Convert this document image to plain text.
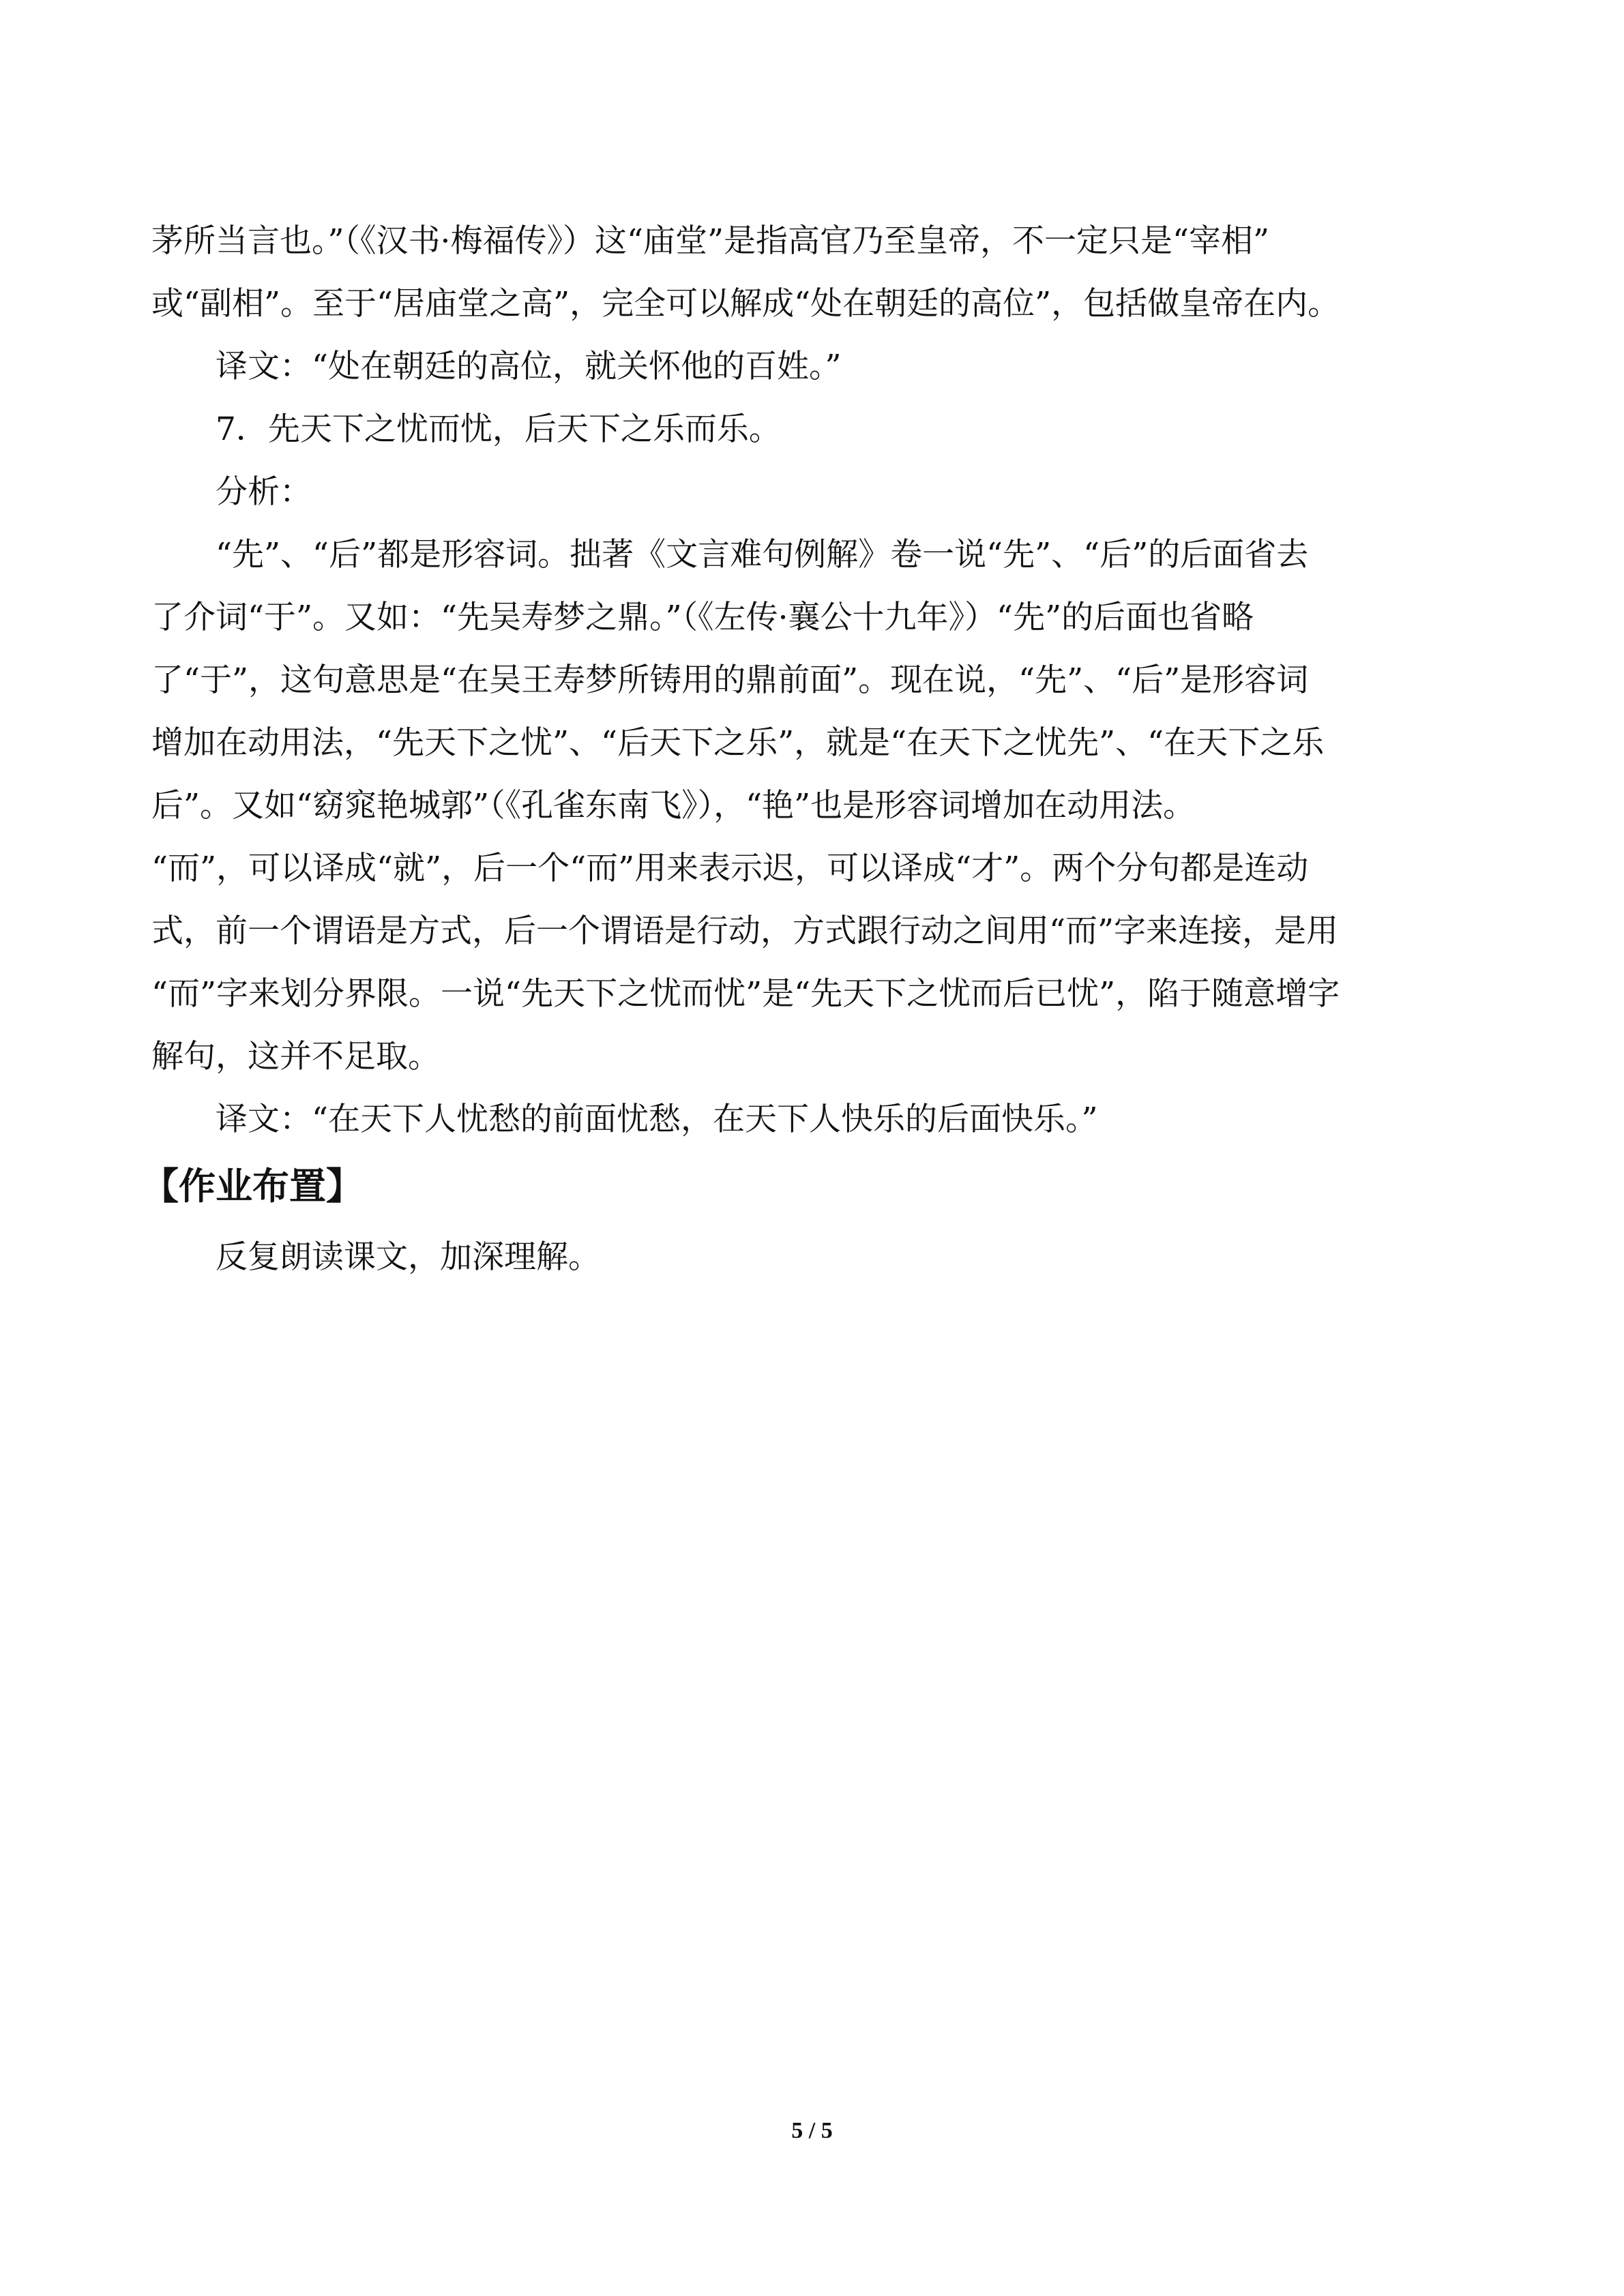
茅所当言也。”（《汉书·梅福传》）这“庙堂”是指高官乃至皇帝，不一定只是“宰相”
或“副相”。至于“居庙堂之高”，完全可以解成“处在朝廷的高位”，包括做皇帝在内。
译文：“处在朝廷的高位，就关怀他的百姓。”
7．先天下之忧而忧，后天下之乐而乐。
分析：
“先”、“后”都是形容词。拙著《文言难句例解》卷一说“先”、“后”的后面省去
了介词“于”。又如：“先吴寿梦之鼎。”（《左传·襄公十九年》）“先”的后面也省略
了“于”，这句意思是“在吴王寿梦所铸用的鼎前面”。现在说，“先”、“后”是形容词
增加在动用法，“先天下之忧”、“后天下之乐”，就是“在天下之忧先”、“在天下之乐
后”。又如“窈窕艳城郭”（《孔雀东南飞》），“艳”也是形容词增加在动用法。
“而”，可以译成“就”，后一个“而”用来表示迟，可以译成“才”。两个分句都是连动
式，前一个谓语是方式，后一个谓语是行动，方式跟行动之间用“而”字来连接，是用
“而”字来划分界限。一说“先天下之忧而忧”是“先天下之忧而后已忧”，陷于随意增字
解句，这并不足取。
译文：“在天下人忧愁的前面忧愁，在天下人快乐的后面快乐。”
【作业布置】
反复朗读课文，加深理解。
5 / 5
